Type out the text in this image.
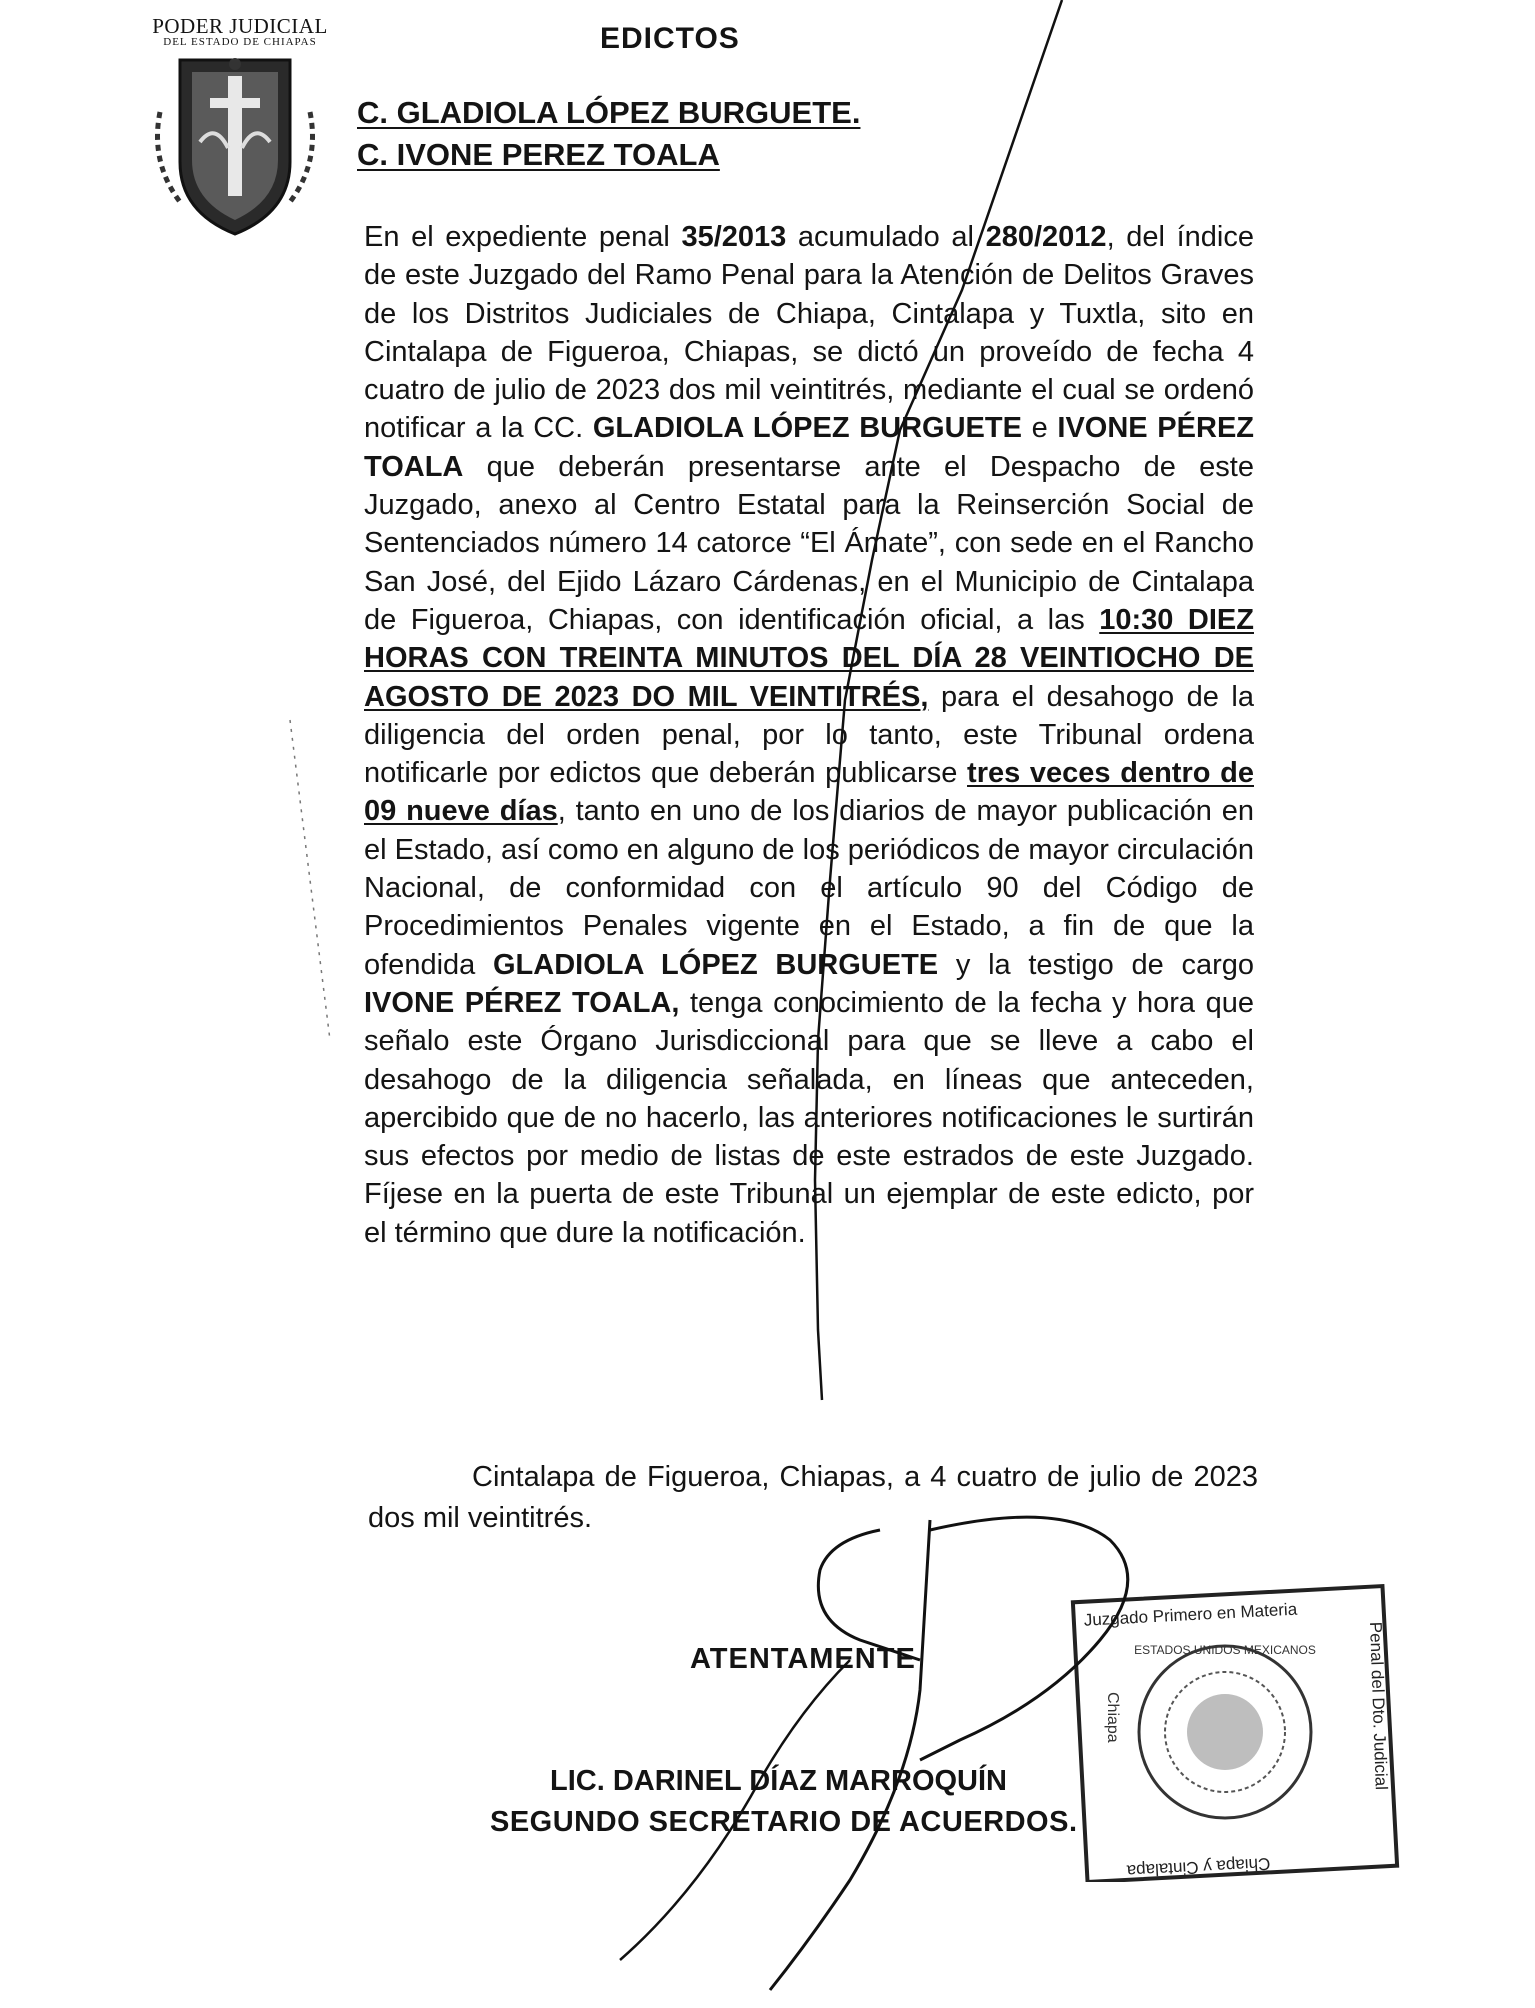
PODER JUDICIAL
DEL ESTADO DE CHIAPAS	EDICTOS
C. GLADIOLA LÓPEZ BURGUETE.
C. IVONE PEREZ TOALA
En el expediente penal 35/2013 acumulado al 280/2012, del índice de este Juzgado del Ramo Penal para la Atención de Delitos Graves de los Distritos Judiciales de Chiapa, Cintalapa y Tuxtla, sito en Cintalapa de Figueroa, Chiapas, se dictó un proveído de fecha 4 cuatro de julio de 2023 dos mil veintitrés, mediante el cual se ordenó notificar a la CC. GLADIOLA LÓPEZ BURGUETE e IVONE PÉREZ TOALA que deberán presentarse ante el Despacho de este Juzgado, anexo al Centro Estatal para la Reinserción Social de Sentenciados número 14 catorce “El Ámate”, con sede en el Rancho San José, del Ejido Lázaro Cárdenas, en el Municipio de Cintalapa de Figueroa, Chiapas, con identificación oficial, a las 10:30 DIEZ HORAS CON TREINTA MINUTOS DEL DÍA 28 VEINTIOCHO DE AGOSTO DE 2023 DO MIL VEINTITRÉS, para el desahogo de la diligencia del orden penal, por lo tanto, este Tribunal ordena notificarle por edictos que deberán publicarse tres veces dentro de 09 nueve días, tanto en uno de los diarios de mayor publicación en el Estado, así como en alguno de los periódicos de mayor circulación Nacional, de conformidad con el artículo 90 del Código de Procedimientos Penales vigente en el Estado, a fin de que la ofendida GLADIOLA LÓPEZ BURGUETE y la testigo de cargo IVONE PÉREZ TOALA, tenga conocimiento de la fecha y hora que señalo este Órgano Jurisdiccional para que se lleve a cabo el desahogo de la diligencia señalada, en líneas que anteceden, apercibido que de no hacerlo, las anteriores notificaciones le surtirán sus efectos por medio de listas de este estrados de este Juzgado. Fíjese en la puerta de este Tribunal un ejemplar de este edicto, por el término que dure la notificación.
Cintalapa de Figueroa, Chiapas, a 4 cuatro de julio de 2023 dos mil veintitrés.
ATENTAMENTE
LIC. DARINEL DÍAZ MARROQUÍN
SEGUNDO SECRETARIO DE ACUERDOS.
Juzgado Primero en Materia
Penal del Dto. Judicial
Chiapa
Chiapa y Cintalapa
ESTADOS UNIDOS MEXICANOS
